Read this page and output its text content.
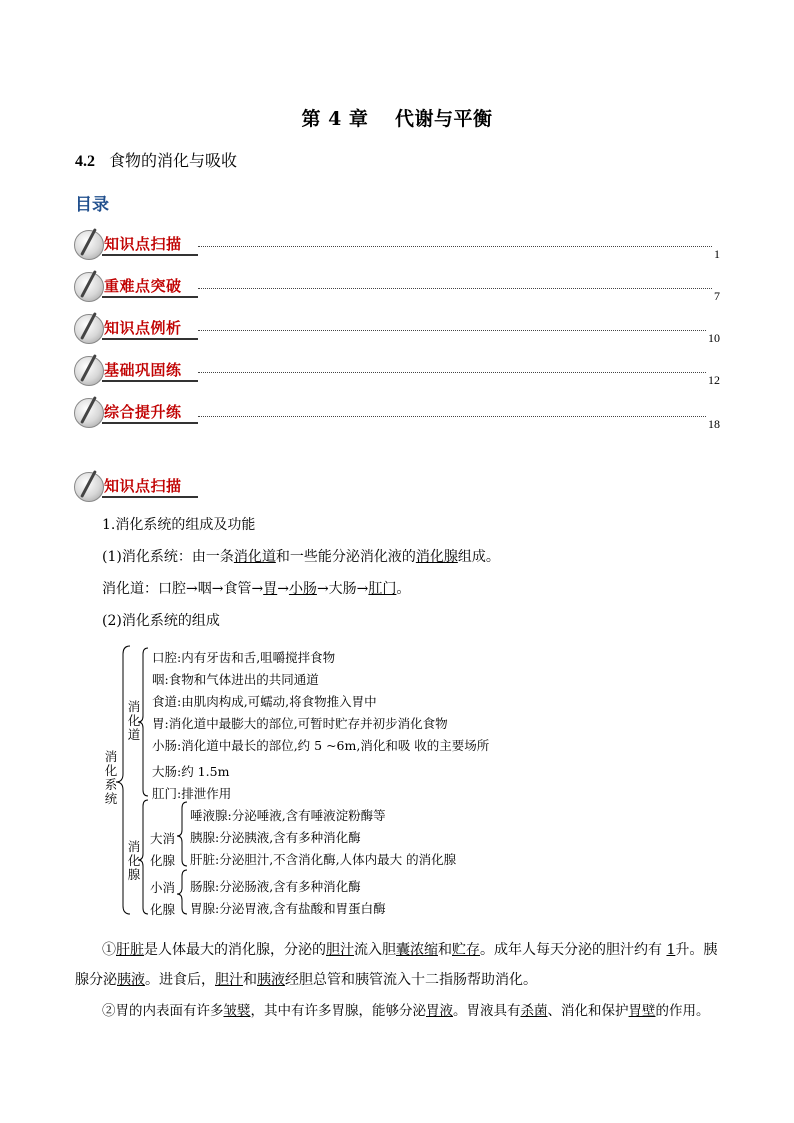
第 4 章　 代谢与平衡
4.2 食物的消化与吸收
目录
知识点扫描
1
重难点突破
7
知识点例析
10
基础巩固练
12
综合提升练
18
知识点扫描
1.消化系统的组成及功能
(1)消化系统：由一条消化道和一些能分泌消化液的消化腺组成。
消化道：口腔→咽→食管→胃→小肠→大肠→肛门。
(2)消化系统的组成
消化系统
消化道
消化腺
口腔:内有牙齿和舌,咀嚼搅拌食物
咽:食物和气体进出的共同通道
食道:由肌肉构成,可蠕动,将食物推入胃中
胃:消化道中最膨大的部位,可暂时贮存并初步消化食物
小肠:消化道中最长的部位,约 5 ~6m,消化和吸 收的主要场所
大肠:约 1.5m
肛门:排泄作用
大消化腺
唾液腺:分泌唾液,含有唾液淀粉酶等
胰腺:分泌胰液,含有多种消化酶
肝脏:分泌胆汁,不含消化酶,人体内最大 的消化腺
小消化腺
肠腺:分泌肠液,含有多种消化酶
胃腺:分泌胃液,含有盐酸和胃蛋白酶
①肝脏是人体最大的消化腺，分泌的胆汁流入胆囊浓缩和贮存。成年人每天分泌的胆汁约有 1升。胰
腺分泌胰液。进食后，胆汁和胰液经胆总管和胰管流入十二指肠帮助消化。
②胃的内表面有许多皱襞，其中有许多胃腺，能够分泌胃液。胃液具有杀菌、消化和保护胃壁的作用。
